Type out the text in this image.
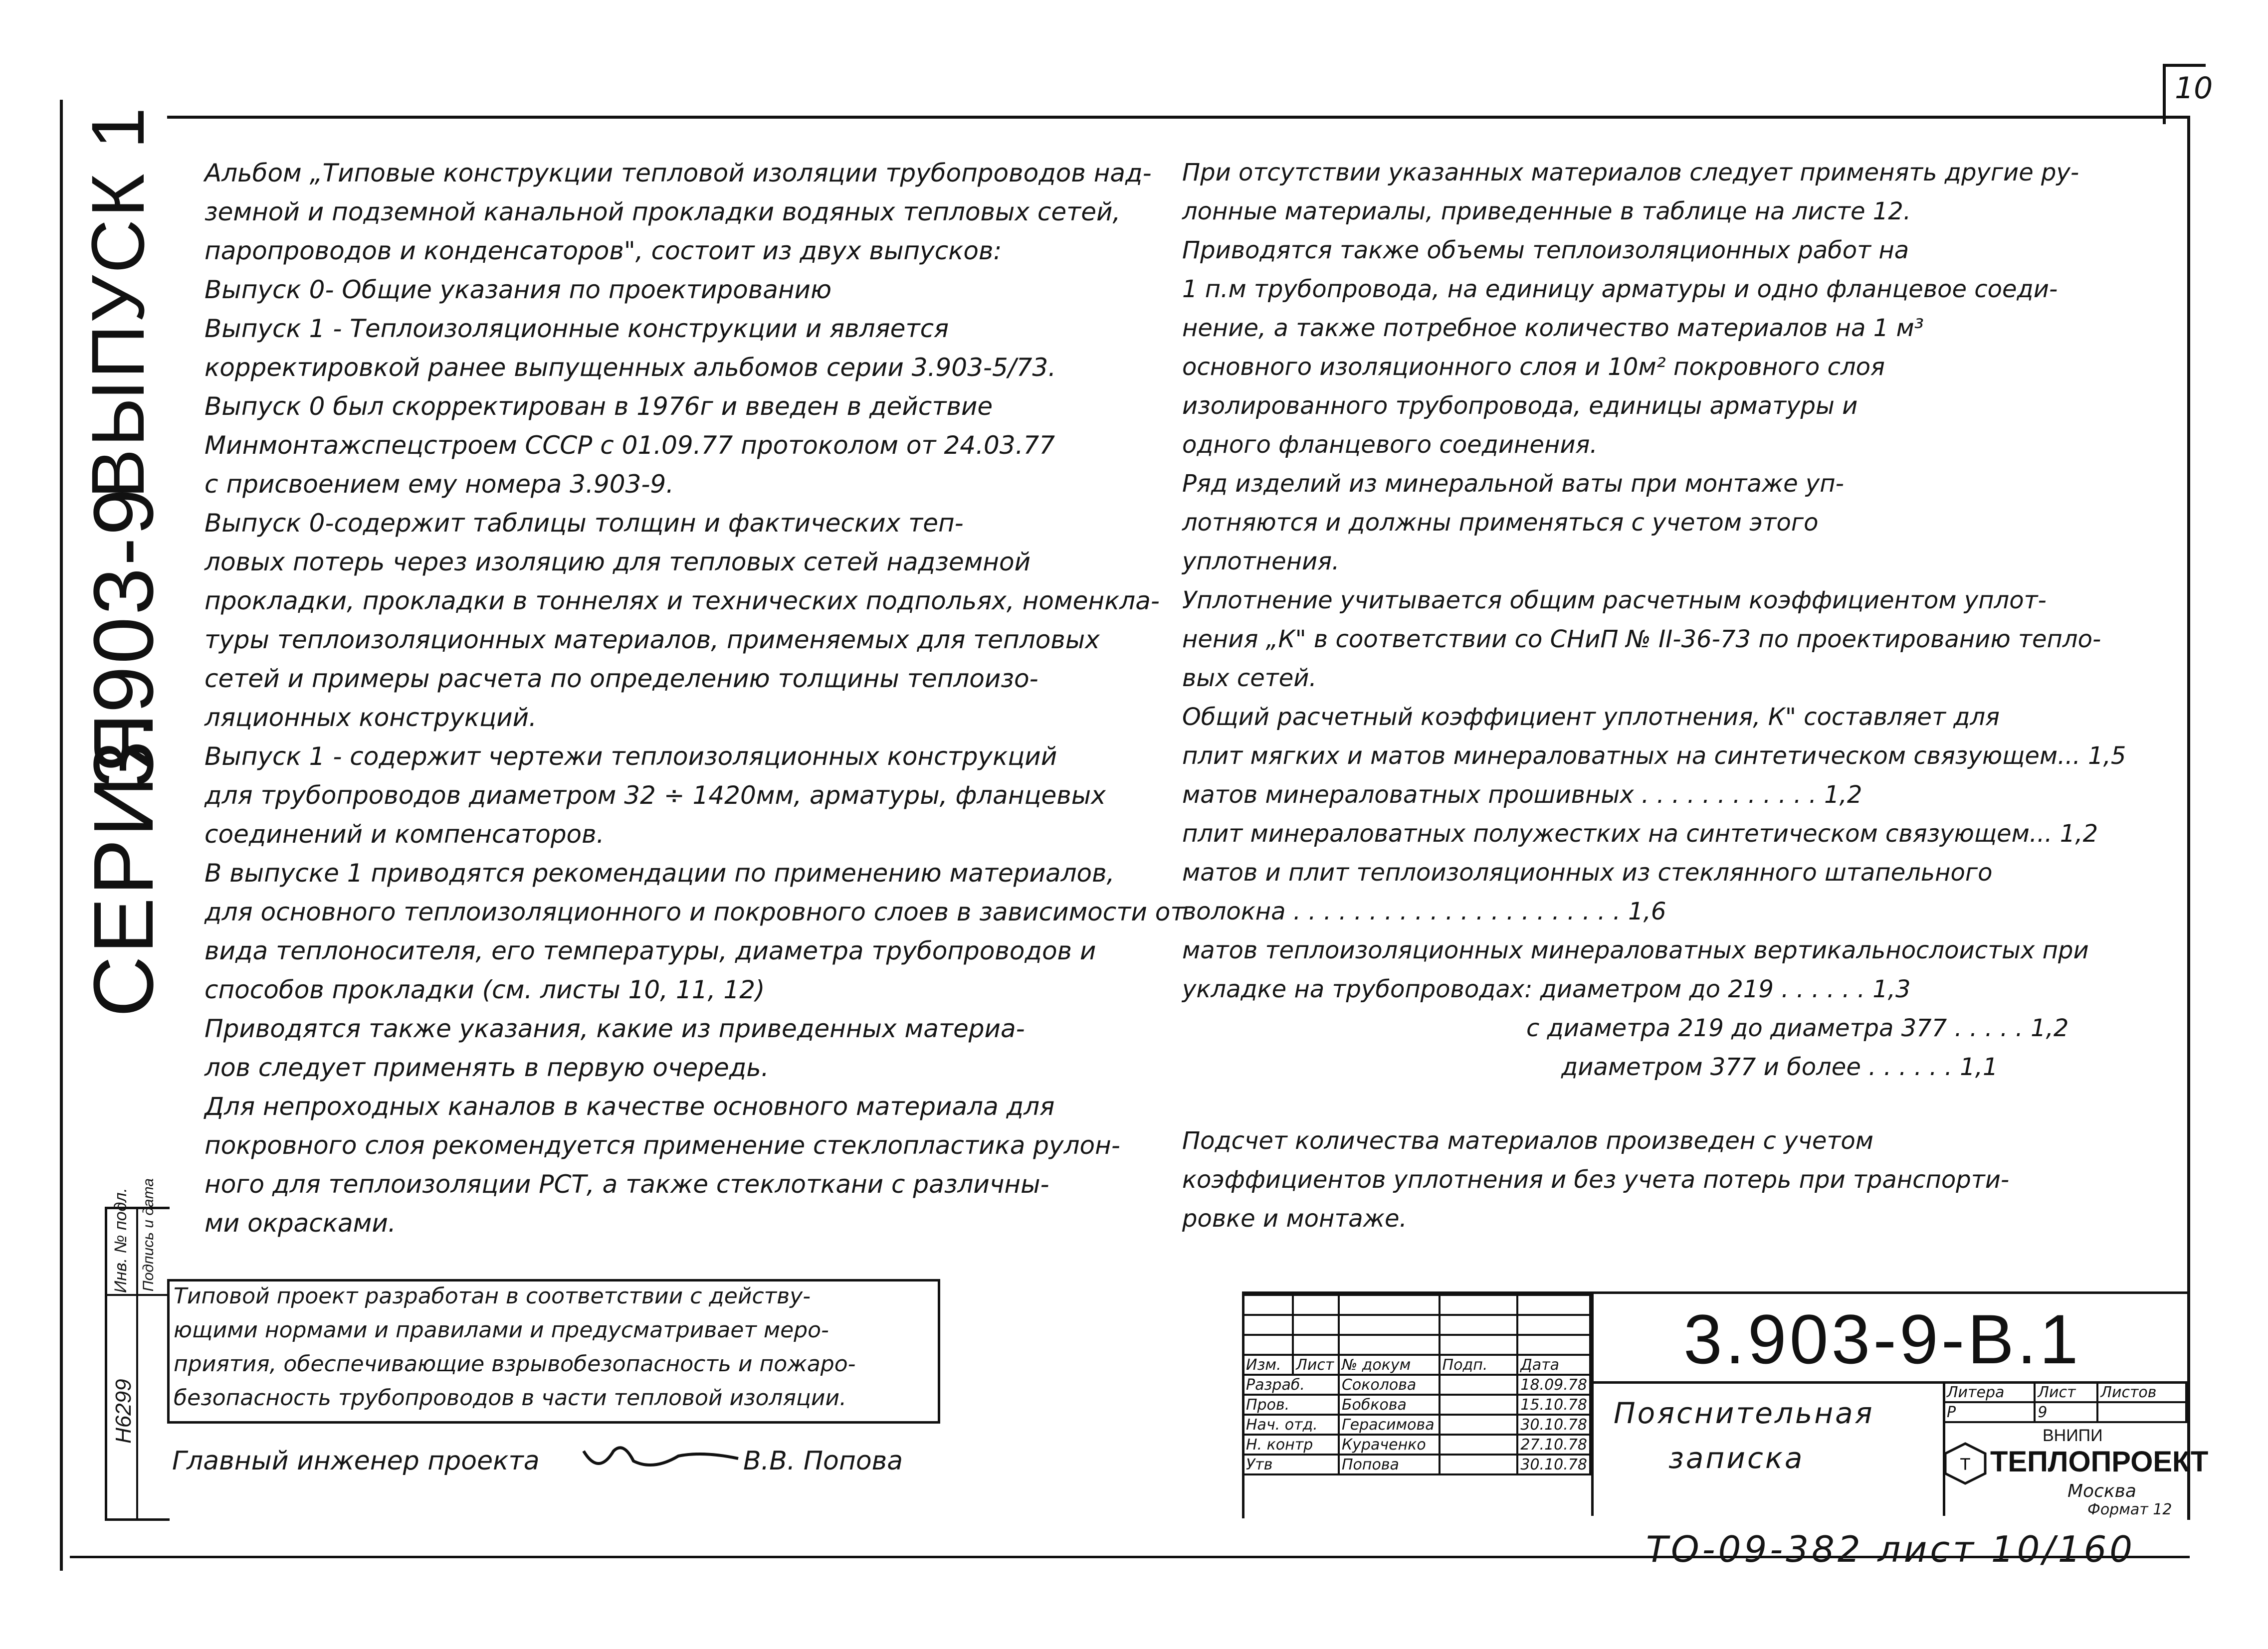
10
СЕРИЯ
3.903-9
ВЫПУСК 1 Альбом „Типовые конструкции тепловой изоляции трубопроводов над-
земной и подземной канальной прокладки водяных тепловых сетей,
паропроводов и конденсаторов", состоит из двух выпусков:
Выпуск 0- Общие указания по проектированию
Выпуск 1 - Теплоизоляционные конструкции и является
корректировкой ранее выпущенных альбомов серии 3.903-5/73.
Выпуск 0 был скорректирован в 1976г и введен в действие
Минмонтажспецстроем СССР с 01.09.77 протоколом от 24.03.77
с присвоением ему номера 3.903-9.
Выпуск 0-содержит таблицы толщин и фактических теп-
ловых потерь через изоляцию для тепловых сетей надземной
прокладки, прокладки в тоннелях и технических подпольях, номенкла-
туры теплоизоляционных материалов, применяемых для тепловых
сетей и примеры расчета по определению толщины теплоизо-
ляционных конструкций.
Выпуск 1 - содержит чертежи теплоизоляционных конструкций
для трубопроводов диаметром 32 ÷ 1420мм, арматуры, фланцевых
соединений и компенсаторов.
В выпуске 1 приводятся рекомендации по применению материалов,
для основного теплоизоляционного и покровного слоев в зависимости от
вида теплоносителя, его температуры, диаметра трубопроводов и
способов прокладки (см. листы 10, 11, 12)
Приводятся также указания, какие из приведенных материа-
лов следует применять в первую очередь.
Для непроходных каналов в качестве основного материала для
покровного слоя рекомендуется применение стеклопластика рулон-
ного для теплоизоляции РСТ, а также стеклоткани с различны-
ми окрасками.
При отсутствии указанных материалов следует применять другие ру-
лонные материалы, приведенные в таблице на листе 12.
Приводятся также объемы теплоизоляционных работ на
1 п.м трубопровода, на единицу арматуры и одно фланцевое соеди-
нение, а также потребное количество материалов на 1 м³
основного изоляционного слоя и 10м² покровного слоя
изолированного трубопровода, единицы арматуры и
одного фланцевого соединения.
Ряд изделий из минеральной ваты при монтаже уп-
лотняются и должны применяться с учетом этого
уплотнения.
Уплотнение учитывается общим расчетным коэффициентом уплот-
нения „К" в соответствии со СНиП № II-36-73 по проектированию тепло-
вых сетей.
Общий расчетный коэффициент уплотнения, К" составляет для
плит мягких и матов минераловатных на синтетическом связующем... 1,5
матов минераловатных прошивных . . . . . . . . . . . . 1,2
плит минераловатных полужестких на синтетическом связующем... 1,2
матов и плит теплоизоляционных из стеклянного штапельного
волокна . . . . . . . . . . . . . . . . . . . . . . 1,6
матов теплоизоляционных минераловатных вертикальнослоистых при
укладке на трубопроводах: диаметром до 219 . . . . . . 1,3
с диаметра 219 до диаметра 377 . . . . . 1,2
диаметром 377 и более . . . . . . 1,1
Подсчет количества материалов произведен с учетом
коэффициентов уплотнения и без учета потерь при транспорти-
ровке и монтаже.
Типовой проект разработан в соответствии с действу-
ющими нормами и правилами и предусматривает меро-
приятия, обеспечивающие взрывобезопасность и пожаро-
безопасность трубопроводов в части тепловой изоляции.
Главный инженер проекта	В.В. Попова
Инв. № подл. Подпись и дата
Н6299

Изм.	Лист	№ докум	Подп.	Дата
Разраб.		Соколова		18.09.78
Пров.		Бобкова		15.10.78
Нач. отд.		Герасимова		30.10.78
Н. контр		Кураченко		27.10.78
Утв		Попова		30.10.78
3.903-9-В.1
Пояснительная
записка
Литера	Лист	Листов
Р	9	
ВНИПИ
Т ТЕПЛОПРОЕКТ
Москва
Формат 12
ТО-09-382 лист 10/160
